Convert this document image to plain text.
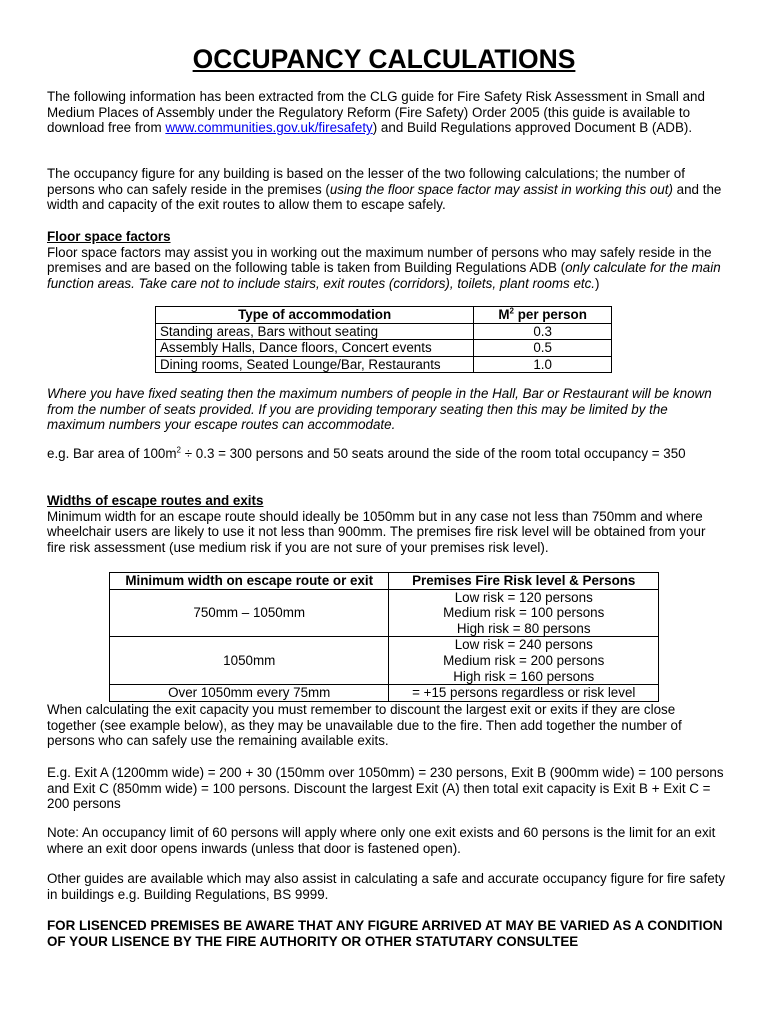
OCCUPANCY CALCULATIONS

The following information has been extracted from the CLG guide for Fire Safety Risk Assessment in Small and Medium Places of Assembly under the Regulatory Reform (Fire Safety) Order 2005 (this guide is available to download free from www.communities.gov.uk/firesafety) and Build Regulations approved Document B (ADB).

The occupancy figure for any building is based on the lesser of the two following calculations; the number of persons who can safely reside in the premises (using the floor space factor may assist in working this out) and the width and capacity of the exit routes to allow them to escape safely.

Floor space factors

Floor space factors may assist you in working out the maximum number of persons who may safely reside in the premises and are based on the following table is taken from Building Regulations ADB (only calculate for the main function areas. Take care not to include stairs, exit routes (corridors), toilets, plant rooms etc.)

Type of accommodation	$M^2$ per person
Standing areas, Bars without seating	0.3
Assembly Halls, Dance floors, Concert events	0.5
Dining rooms, Seated Lounge/Bar, Restaurants	1.0

Where you have fixed seating then the maximum numbers of people in the Hall, Bar or Restaurant will be known from the number of seats provided. If you are providing temporary seating then this may be limited by the maximum numbers your escape routes can accommodate.

e.g. Bar area of $100m^2 \div 0.3 = 300$ persons and 50 seats around the side of the room total occupancy = 350

Widths of escape routes and exits

Minimum width for an escape route should ideally be 1050mm but in any case not less than 750mm and where wheelchair users are likely to use it not less than 900mm. The premises fire risk level will be obtained from your fire risk assessment (use medium risk if you are not sure of your premises risk level).

Minimum width on escape route or exit	Premises Fire Risk level & Persons
750mm – 1050mm	Low risk = 120 persons
Medium risk = 100 persons
High risk = 80 persons

1050mm	Low risk = 240 persons
Medium risk = 200 persons
High risk = 160 persons

Over 1050mm every 75mm	= +15 persons regardless or risk level

When calculating the exit capacity you must remember to discount the largest exit or exits if they are close together (see example below), as they may be unavailable due to the fire. Then add together the number of persons who can safely use the remaining available exits.

E.g. Exit A (1200mm wide) = 200 + 30 (150mm over 1050mm) = 230 persons, Exit B (900mm wide) = 100 persons and Exit C (850mm wide) = 100 persons. Discount the largest Exit (A) then total exit capacity is Exit B + Exit C = 200 persons

Note: An occupancy limit of 60 persons will apply where only one exit exists and 60 persons is the limit for an exit where an exit door opens inwards (unless that door is fastened open).

Other guides are available which may also assist in calculating a safe and accurate occupancy figure for fire safety in buildings e.g. Building Regulations, BS 9999.

FOR LISENCED PREMISES BE AWARE THAT ANY FIGURE ARRIVED AT MAY BE VARIED AS A CONDITION OF YOUR LISENCE BY THE FIRE AUTHORITY OR OTHER STATUTARY CONSULTEE
